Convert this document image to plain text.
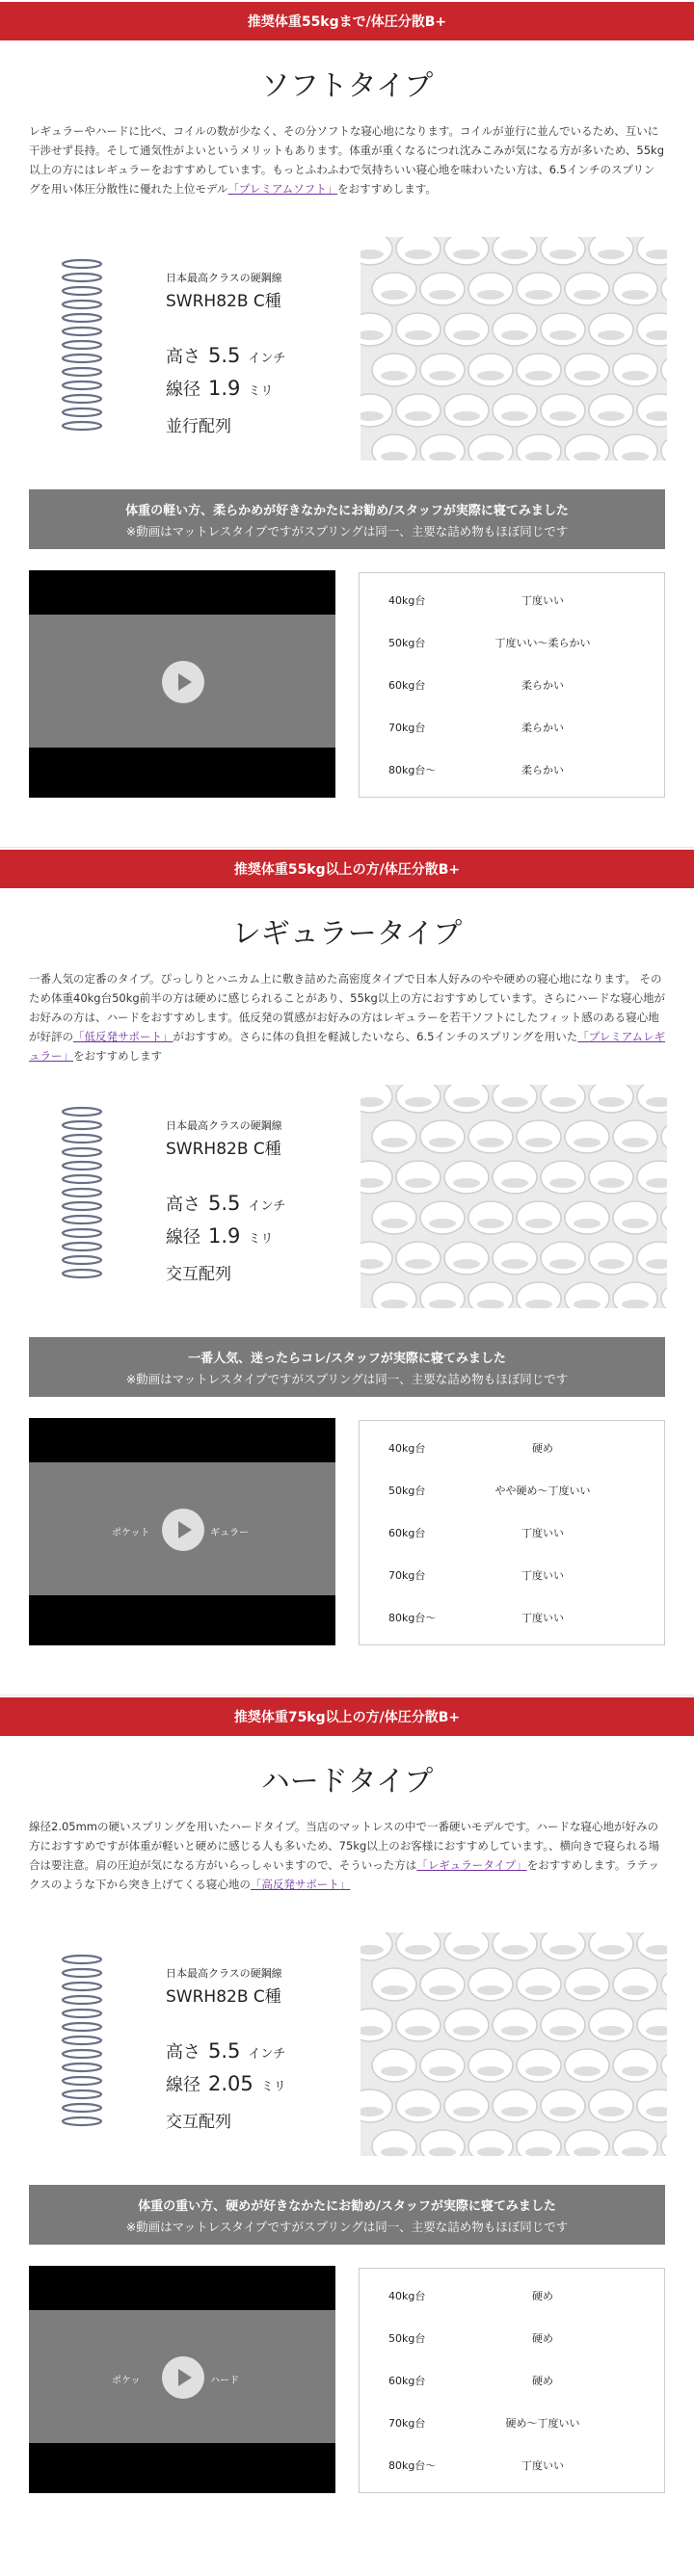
推奨体重55kgまで/体圧分散B+
ソフトタイプ

レギュラーやハードに比べ、コイルの数が少なく、その分ソフトな寝心地になります。コイルが並行に並んでいるため、互いに干渉せず長持。そして通気性がよいというメリットもあります。体重が重くなるにつれ沈みこみが気になる方が多いため、55kg以上の方にはレギュラーをおすすめしています。もっとふわふわで気持ちいい寝心地を味わいたい方は、6.5インチのスプリングを用い体圧分散性に優れた上位モデル「プレミアムソフト」をおすすめします。

日本最高クラスの硬鋼線
SWRH82B C種
高さ 5.5 インチ
線径 1.9 ミリ
並行配列
体重の軽い方、柔らかめが好きなかたにお勧め/スタッフが実際に寝てみました
※動画はマットレスタイプですがスプリングは同一、主要な詰め物もほぼ同じです
40kg台	丁度いい
50kg台	丁度いい〜柔らかい
60kg台	柔らかい
70kg台	柔らかい
80kg台〜	柔らかい
推奨体重55kg以上の方/体圧分散B+
レギュラータイプ

一番人気の定番のタイプ。ぴっしりとハニカム上に敷き詰めた高密度タイプで日本人好みのやや硬めの寝心地になります。 そのため体重40kg台50kg前半の方は硬めに感じられることがあり、55kg以上の方におすすめしています。さらにハードな寝心地がお好みの方は、ハードをおすすめします。低反発の質感がお好みの方はレギュラーを若干ソフトにしたフィット感のある寝心地が好評の「低反発サポート」がおすすめ。さらに体の負担を軽減したいなら、6.5インチのスプリングを用いた「プレミアムレギュラー」をおすすめします

日本最高クラスの硬鋼線
SWRH82B C種
高さ 5.5 インチ
線径 1.9 ミリ
交互配列
一番人気、迷ったらコレ/スタッフが実際に寝てみました
※動画はマットレスタイプですがスプリングは同一、主要な詰め物もほぼ同じです
ポケット	ギュラー
40kg台	硬め
50kg台	やや硬め〜丁度いい
60kg台	丁度いい
70kg台	丁度いい
80kg台〜	丁度いい
推奨体重75kg以上の方/体圧分散B+
ハードタイプ

線径2.05mmの硬いスプリングを用いたハードタイプ。当店のマットレスの中で一番硬いモデルです。ハードな寝心地が好みの方におすすめですが体重が軽いと硬めに感じる人も多いため、75kg以上のお客様におすすめしています。、横向きで寝られる場合は要注意。肩の圧迫が気になる方がいらっしゃいますので、そういった方は「レギュラータイプ」をおすすめします。ラテックスのような下から突き上げてくる寝心地の「高反発サポート」

日本最高クラスの硬鋼線
SWRH82B C種
高さ 5.5 インチ
線径 2.05 ミリ
交互配列
体重の重い方、硬めが好きなかたにお勧め/スタッフが実際に寝てみました
※動画はマットレスタイプですがスプリングは同一、主要な詰め物もほぼ同じです
ポケッ	ハード
40kg台	硬め
50kg台	硬め
60kg台	硬め
70kg台	硬め〜丁度いい
80kg台〜	丁度いい
